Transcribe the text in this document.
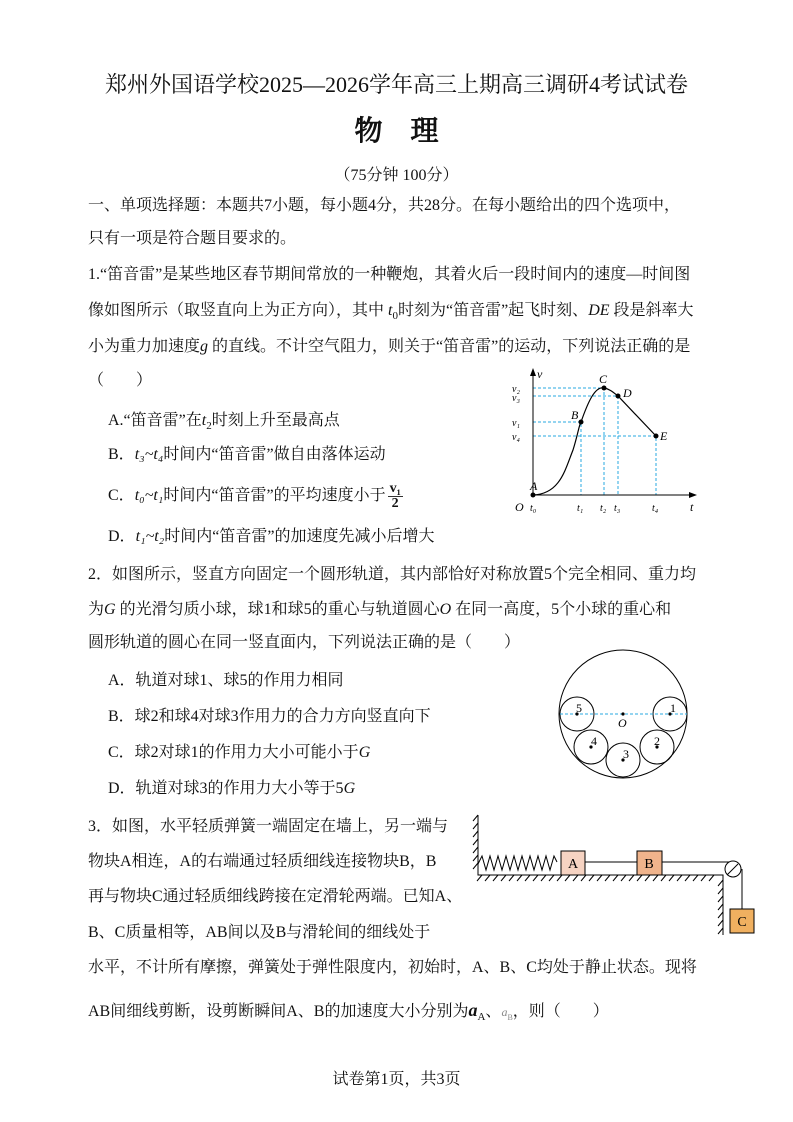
郑州外国语学校2025—2026学年高三上期高三调研4考试试卷
物　理
（75分钟 100分）
一、单项选择题：本题共7小题，每小题4分，共28分。在每小题给出的四个选项中，
只有一项是符合题目要求的。
1.“笛音雷”是某些地区春节期间常放的一种鞭炮，其着火后一段时间内的速度—时间图
像如图所示（取竖直向上为正方向），其中 $t_0$时刻为“笛音雷”起飞时刻、DE 段是斜率大
小为重力加速度g 的直线。不计空气阻力，则关于“笛音雷”的运动，下列说法正确的是
（　　）
A.“笛音雷”在$t_2$时刻上升至最高点
B．t₃~t₄时间内“笛音雷”做自由落体运动
C．t₀~t₁时间内“笛音雷”的平均速度小于 $\frac{\text{v₁}}{2}$
D．t₁~t₂时间内“笛音雷”的加速度先减小后增大
2．如图所示，竖直方向固定一个圆形轨道，其内部恰好对称放置5个完全相同、重力均
为G 的光滑匀质小球，球1和球5的重心与轨道圆心O 在同一高度，5个小球的重心和
圆形轨道的圆心在同一竖直面内，下列说法正确的是（　　）
A．轨道对球1、球5的作用力相同
B．球2和球4对球3作用力的合力方向竖直向下
C．球2对球1的作用力大小可能小于G
D．轨道对球3的作用力大小等于5G
3．如图，水平轻质弹簧一端固定在墙上，另一端与
物块A相连，A的右端通过轻质细线连接物块B，B
再与物块C通过轻质细线跨接在定滑轮两端。已知A、
B、C质量相等，AB间以及B与滑轮间的细线处于
水平，不计所有摩擦，弹簧处于弹性限度内，初始时，A、B、C均处于静止状态。现将
AB间细线剪断，设剪断瞬间A、B的加速度大小分别为$a_A$、$a_B$，则（　　）
试卷第1页，共3页
A
B
C
D
E
v
t
O
v₂
v₃
v₁
v₄
t₀	t₁ t₂ t₃	t₄
1
2
3
4
5
O
A	B
C
